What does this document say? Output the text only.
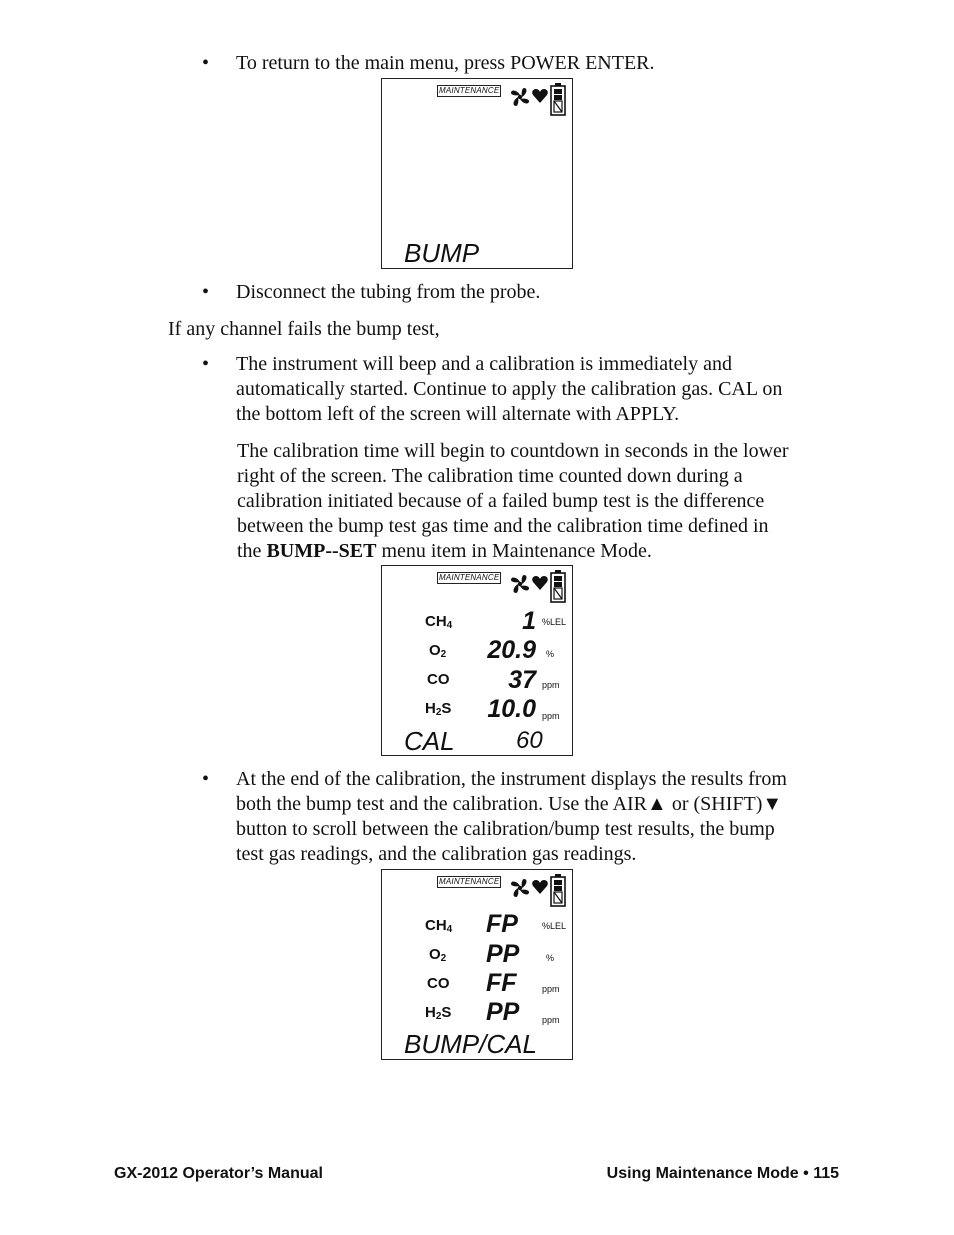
• To return to the main menu, press POWER ENTER.
MAINTENANCE
BUMP
• Disconnect the tubing from the probe.
If any channel fails the bump test,
• The instrument will beep and a calibration is immediately and
automatically started. Continue to apply the calibration gas. CAL on
the bottom left of the screen will alternate with APPLY.
The calibration time will begin to countdown in seconds in the lower
right of the screen. The calibration time counted down during a
calibration initiated because of a failed bump test is the difference
between the bump test gas time and the calibration time defined in
the BUMP--SET menu item in Maintenance Mode.
MAINTENANCE
$CH_4$	1 %LEL
$O_2$ 20.9 %
CO 37 ppm
$H_2S$ 10.0 ppm
CAL	60
• At the end of the calibration, the instrument displays the results from
both the bump test and the calibration. Use the AIR▲ or (SHIFT)▼
button to scroll between the calibration/bump test results, the bump
test gas readings, and the calibration gas readings.
MAINTENANCE
$CH_4$ FP	%LEL
$O_2$ PP	%
CO FF	ppm
$H_2S$ PP	ppm
BUMP/CAL
GX-2012 Operator’s Manual	Using Maintenance Mode • 115
